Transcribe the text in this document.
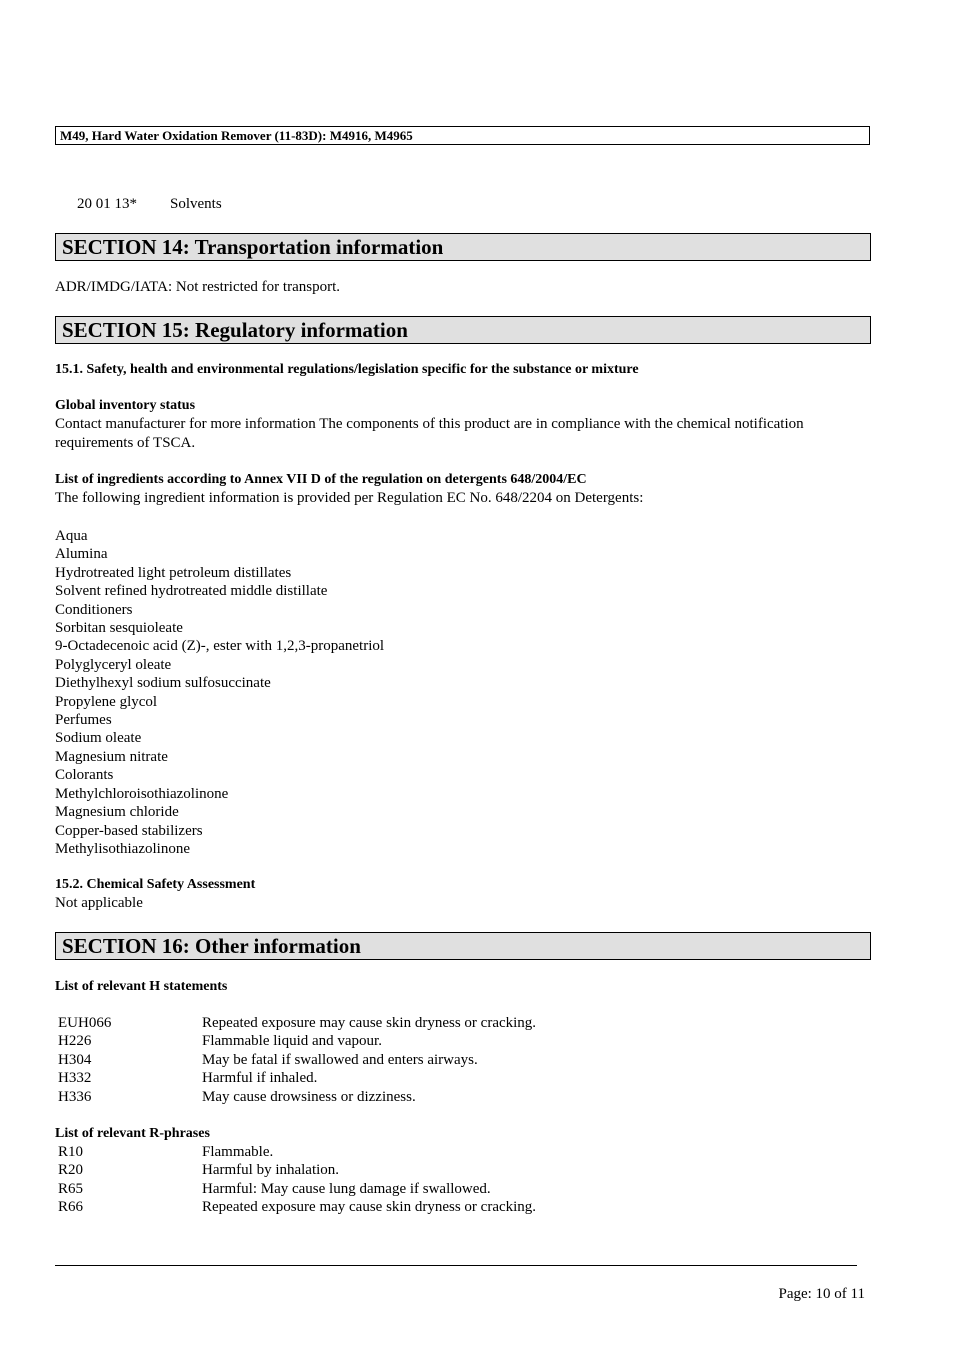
M49, Hard Water Oxidation Remover (11-83D): M4916, M4965
20 01 13* Solvents
SECTION 14: Transportation information
ADR/IMDG/IATA: Not restricted for transport.
SECTION 15: Regulatory information
15.1. Safety, health and environmental regulations/legislation specific for the substance or mixture
Global inventory status
Contact manufacturer for more information The components of this product are in compliance with the chemical notification
requirements of TSCA.
List of ingredients according to Annex VII D of the regulation on detergents 648/2004/EC
The following ingredient information is provided per Regulation EC No. 648/2204 on Detergents:
Aqua
Alumina
Hydrotreated light petroleum distillates
Solvent refined hydrotreated middle distillate
Conditioners
Sorbitan sesquioleate
9-Octadecenoic acid (Z)-, ester with 1,2,3-propanetriol
Polyglyceryl oleate
Diethylhexyl sodium sulfosuccinate
Propylene glycol
Perfumes
Sodium oleate
Magnesium nitrate
Colorants
Methylchloroisothiazolinone
Magnesium chloride
Copper-based stabilizers
Methylisothiazolinone
15.2. Chemical Safety Assessment
Not applicable
SECTION 16: Other information
List of relevant H statements
EUH066	Repeated exposure may cause skin dryness or cracking.
H226	Flammable liquid and vapour.
H304	May be fatal if swallowed and enters airways.
H332	Harmful if inhaled.
H336	May cause drowsiness or dizziness.
List of relevant R-phrases
R10	Flammable.
R20	Harmful by inhalation.
R65	Harmful: May cause lung damage if swallowed.
R66	Repeated exposure may cause skin dryness or cracking.
Page: 10 of 11
